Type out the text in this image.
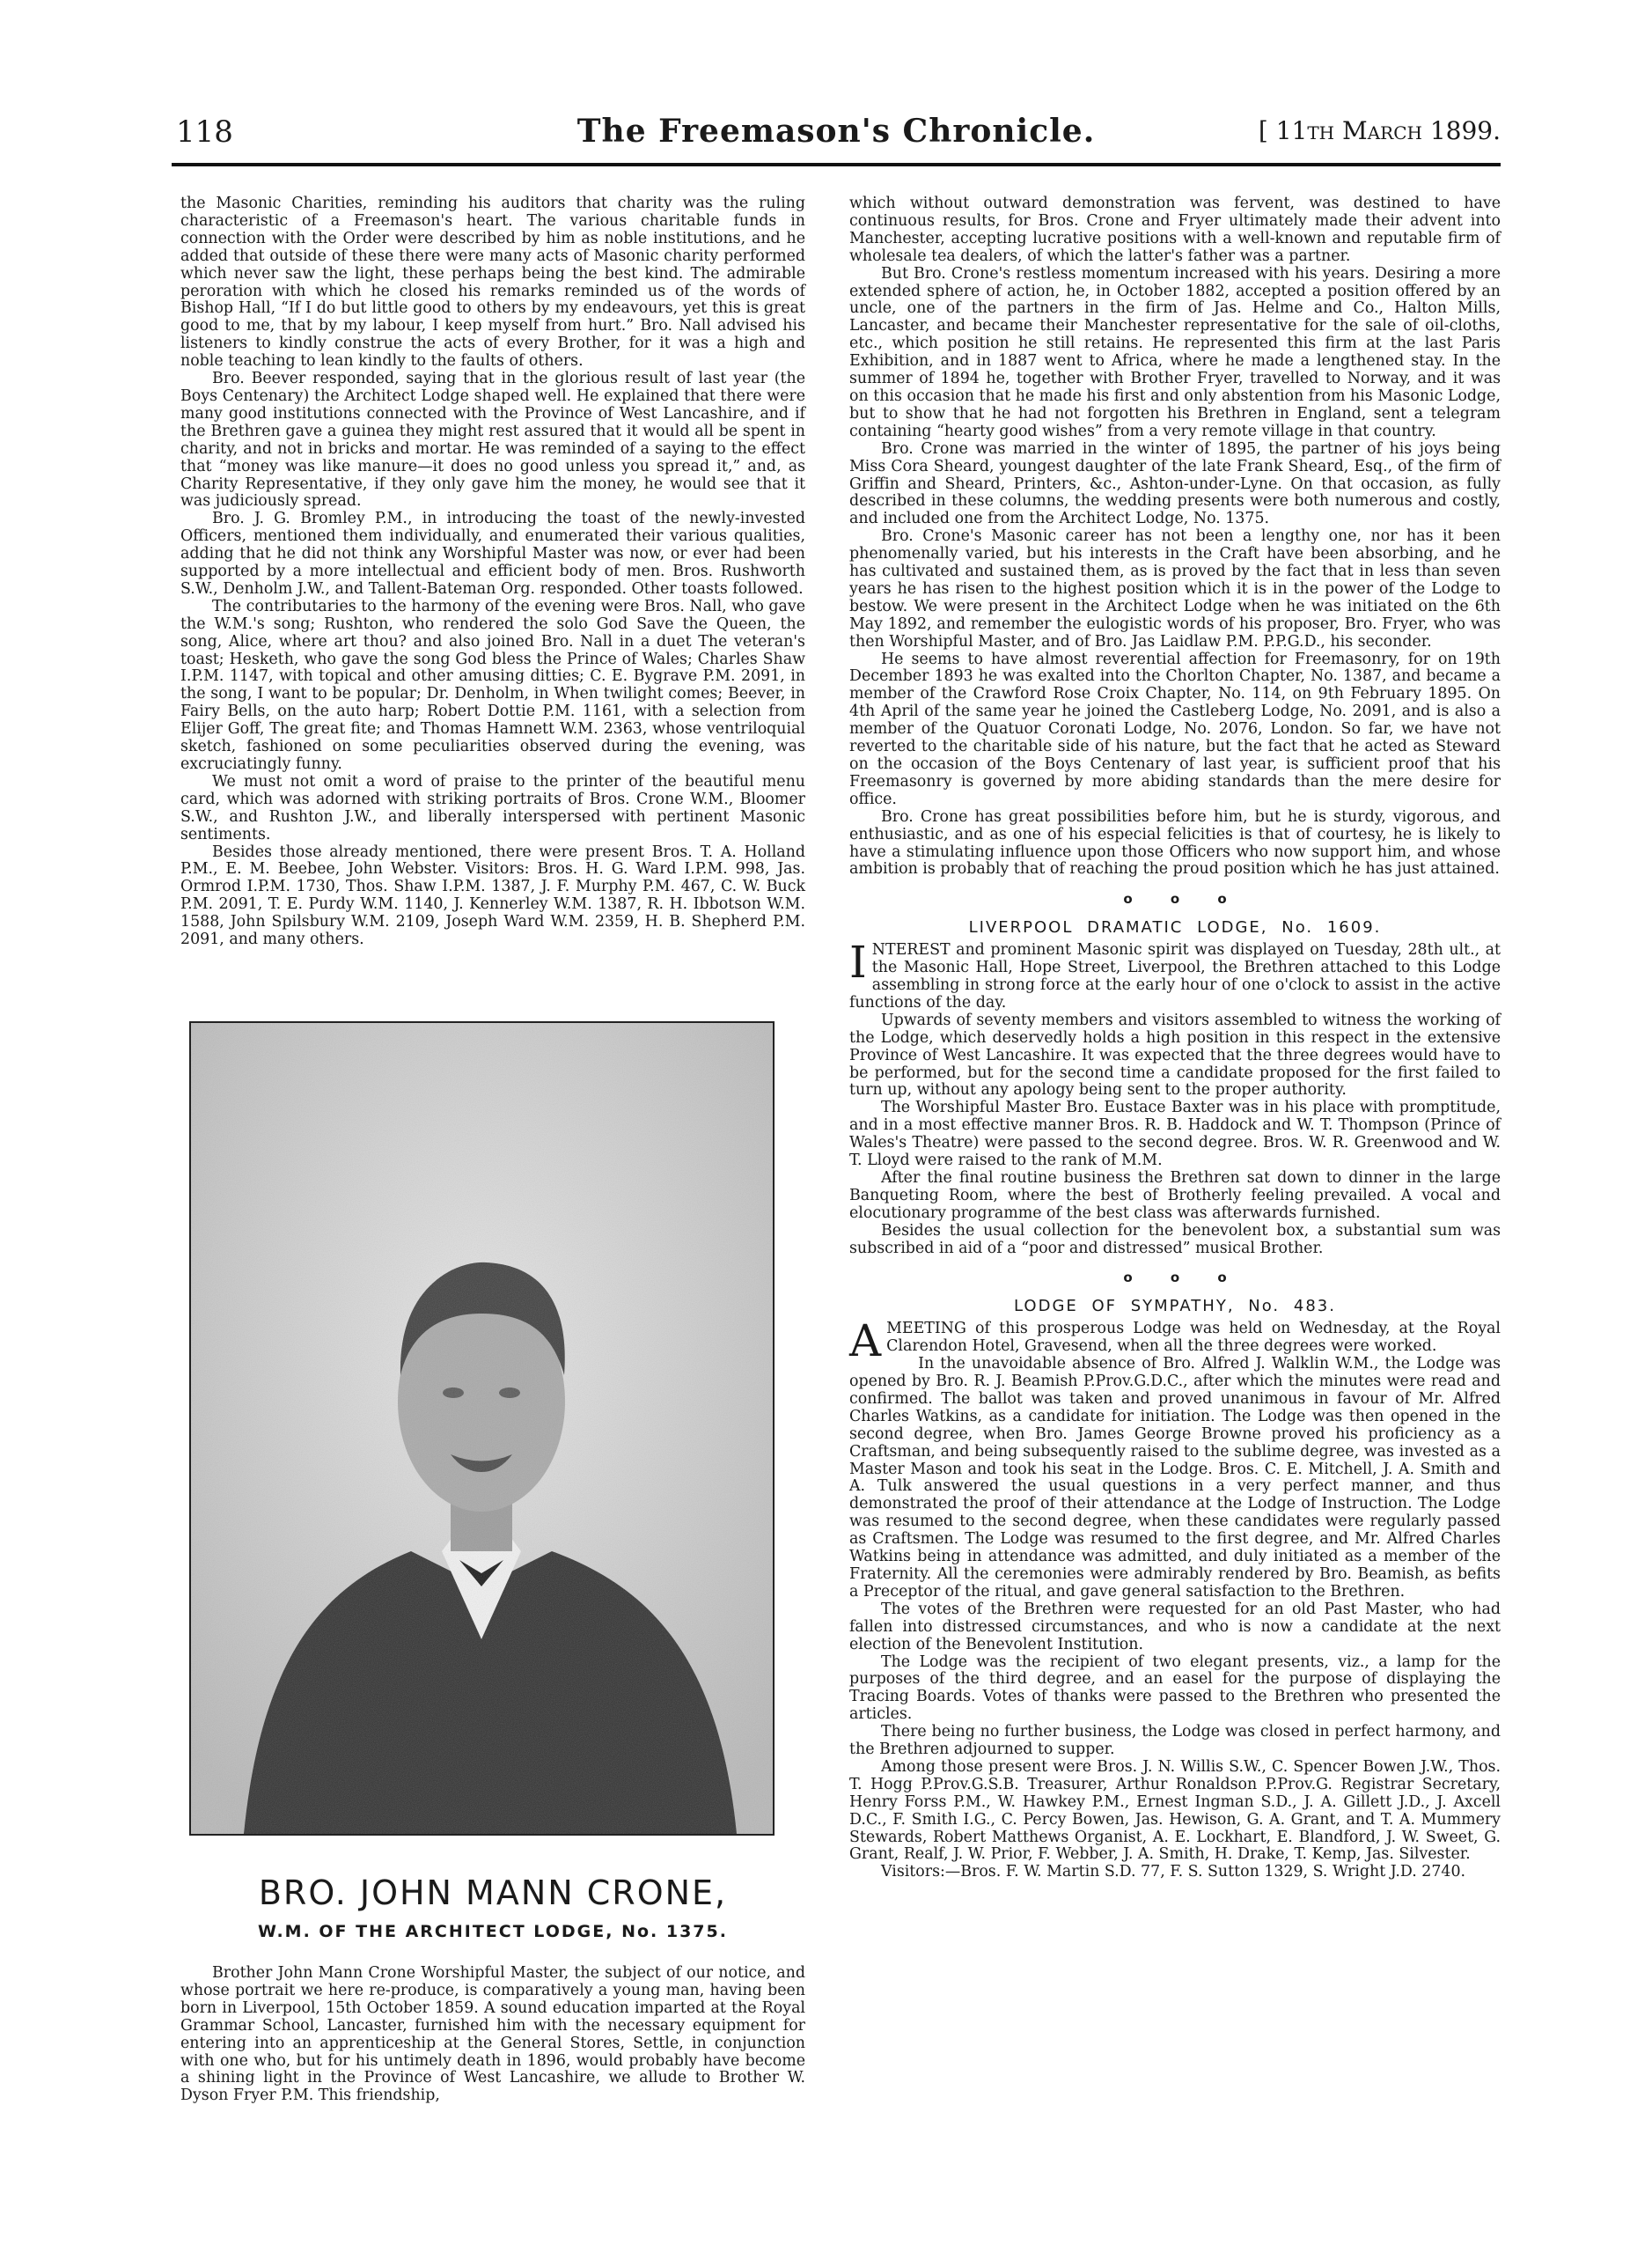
118	The Freemason's Chronicle.	[ 11th March 1899.

the Masonic Charities, reminding his auditors that charity was the ruling characteristic of a Freemason's heart. The various charitable funds in connection with the Order were described by him as noble institutions, and he added that outside of these there were many acts of Masonic charity performed which never saw the light, these perhaps being the best kind. The admirable peroration with which he closed his remarks reminded us of the words of Bishop Hall, “If I do but little good to others by my endeavours, yet this is great good to me, that by my labour, I keep myself from hurt.” Bro. Nall advised his listeners to kindly construe the acts of every Brother, for it was a high and noble teaching to lean kindly to the faults of others.

Bro. Beever responded, saying that in the glorious result of last year (the Boys Centenary) the Architect Lodge shaped well. He explained that there were many good institutions connected with the Province of West Lancashire, and if the Brethren gave a guinea they might rest assured that it would all be spent in charity, and not in bricks and mortar. He was reminded of a saying to the effect that “money was like manure—it does no good unless you spread it,” and, as Charity Representative, if they only gave him the money, he would see that it was judiciously spread.

Bro. J. G. Bromley P.M., in introducing the toast of the newly-invested Officers, mentioned them individually, and enumerated their various qualities, adding that he did not think any Worshipful Master was now, or ever had been supported by a more intellectual and efficient body of men. Bros. Rushworth S.W., Denholm J.W., and Tallent-Bateman Org. responded. Other toasts followed.

The contributaries to the harmony of the evening were Bros. Nall, who gave the W.M.'s song; Rushton, who rendered the solo God Save the Queen, the song, Alice, where art thou? and also joined Bro. Nall in a duet The veteran's toast; Hesketh, who gave the song God bless the Prince of Wales; Charles Shaw I.P.M. 1147, with topical and other amusing ditties; C. E. Bygrave P.M. 2091, in the song, I want to be popular; Dr. Denholm, in When twilight comes; Beever, in Fairy Bells, on the auto harp; Robert Dottie P.M. 1161, with a selection from Elijer Goff, The great fite; and Thomas Hamnett W.M. 2363, whose ventriloquial sketch, fashioned on some peculiarities observed during the evening, was excruciatingly funny.

We must not omit a word of praise to the printer of the beautiful menu card, which was adorned with striking portraits of Bros. Crone W.M., Bloomer S.W., and Rushton J.W., and liberally interspersed with pertinent Masonic sentiments.

Besides those already mentioned, there were present Bros. T. A. Holland P.M., E. M. Beebee, John Webster. Visitors: Bros. H. G. Ward I.P.M. 998, Jas. Ormrod I.P.M. 1730, Thos. Shaw I.P.M. 1387, J. F. Murphy P.M. 467, C. W. Buck P.M. 2091, T. E. Purdy W.M. 1140, J. Kennerley W.M. 1387, R. H. Ibbotson W.M. 1588, John Spilsbury W.M. 2109, Joseph Ward W.M. 2359, H. B. Shepherd P.M. 2091, and many others.

BRO. JOHN MANN CRONE,
W.M. OF THE ARCHITECT LODGE, No. 1375.

Brother John Mann Crone Worshipful Master, the subject of our notice, and whose portrait we here re-produce, is comparatively a young man, having been born in Liverpool, 15th October 1859. A sound education imparted at the Royal Grammar School, Lancaster, furnished him with the necessary equipment for entering into an apprenticeship at the General Stores, Settle, in conjunction with one who, but for his untimely death in 1896, would probably have become a shining light in the Province of West Lancashire, we allude to Brother W. Dyson Fryer P.M. This friendship,

which without outward demonstration was fervent, was destined to have continuous results, for Bros. Crone and Fryer ultimately made their advent into Manchester, accepting lucrative positions with a well-known and reputable firm of wholesale tea dealers, of which the latter's father was a partner.

But Bro. Crone's restless momentum increased with his years. Desiring a more extended sphere of action, he, in October 1882, accepted a position offered by an uncle, one of the partners in the firm of Jas. Helme and Co., Halton Mills, Lancaster, and became their Manchester representative for the sale of oil-cloths, etc., which position he still retains. He represented this firm at the last Paris Exhibition, and in 1887 went to Africa, where he made a lengthened stay. In the summer of 1894 he, together with Brother Fryer, travelled to Norway, and it was on this occasion that he made his first and only abstention from his Masonic Lodge, but to show that he had not forgotten his Brethren in England, sent a telegram containing “hearty good wishes” from a very remote village in that country.

Bro. Crone was married in the winter of 1895, the partner of his joys being Miss Cora Sheard, youngest daughter of the late Frank Sheard, Esq., of the firm of Griffin and Sheard, Printers, &c., Ashton-under-Lyne. On that occasion, as fully described in these columns, the wedding presents were both numerous and costly, and included one from the Architect Lodge, No. 1375.

Bro. Crone's Masonic career has not been a lengthy one, nor has it been phenomenally varied, but his interests in the Craft have been absorbing, and he has cultivated and sustained them, as is proved by the fact that in less than seven years he has risen to the highest position which it is in the power of the Lodge to bestow. We were present in the Architect Lodge when he was initiated on the 6th May 1892, and remember the eulogistic words of his proposer, Bro. Fryer, who was then Worshipful Master, and of Bro. Jas Laidlaw P.M. P.P.G.D., his seconder.

He seems to have almost reverential affection for Freemasonry, for on 19th December 1893 he was exalted into the Chorlton Chapter, No. 1387, and became a member of the Crawford Rose Croix Chapter, No. 114, on 9th February 1895. On 4th April of the same year he joined the Castleberg Lodge, No. 2091, and is also a member of the Quatuor Coronati Lodge, No. 2076, London. So far, we have not reverted to the charitable side of his nature, but the fact that he acted as Steward on the occasion of the Boys Centenary of last year, is sufficient proof that his Freemasonry is governed by more abiding standards than the mere desire for office.

Bro. Crone has great possibilities before him, but he is sturdy, vigorous, and enthusiastic, and as one of his especial felicities is that of courtesy, he is likely to have a stimulating influence upon those Officers who now support him, and whose ambition is probably that of reaching the proud position which he has just attained.

o o o
LIVERPOOL DRAMATIC LODGE, No. 1609.

INTEREST and prominent Masonic spirit was displayed on Tuesday, 28th ult., at the Masonic Hall, Hope Street, Liverpool, the Brethren attached to this Lodge assembling in strong force at the early hour of one o'clock to assist in the active functions of the day.

Upwards of seventy members and visitors assembled to witness the working of the Lodge, which deservedly holds a high position in this respect in the extensive Province of West Lancashire. It was expected that the three degrees would have to be performed, but for the second time a candidate proposed for the first failed to turn up, without any apology being sent to the proper authority.

The Worshipful Master Bro. Eustace Baxter was in his place with promptitude, and in a most effective manner Bros. R. B. Haddock and W. T. Thompson (Prince of Wales's Theatre) were passed to the second degree. Bros. W. R. Greenwood and W. T. Lloyd were raised to the rank of M.M.

After the final routine business the Brethren sat down to dinner in the large Banqueting Room, where the best of Brotherly feeling prevailed. A vocal and elocutionary programme of the best class was afterwards furnished.

Besides the usual collection for the benevolent box, a substantial sum was subscribed in aid of a “poor and distressed” musical Brother.

o o o
LODGE OF SYMPATHY, No. 483.

AMEETING of this prosperous Lodge was held on Wednesday, at the Royal Clarendon Hotel, Gravesend, when all the three degrees were worked.

In the unavoidable absence of Bro. Alfred J. Walklin W.M., the Lodge was opened by Bro. R. J. Beamish P.Prov.G.D.C., after which the minutes were read and confirmed. The ballot was taken and proved unanimous in favour of Mr. Alfred Charles Watkins, as a candidate for initiation. The Lodge was then opened in the second degree, when Bro. James George Browne proved his proficiency as a Craftsman, and being subsequently raised to the sublime degree, was invested as a Master Mason and took his seat in the Lodge. Bros. C. E. Mitchell, J. A. Smith and A. Tulk answered the usual questions in a very perfect manner, and thus demonstrated the proof of their attendance at the Lodge of Instruction. The Lodge was resumed to the second degree, when these candidates were regularly passed as Craftsmen. The Lodge was resumed to the first degree, and Mr. Alfred Charles Watkins being in attendance was admitted, and duly initiated as a member of the Fraternity. All the ceremonies were admirably rendered by Bro. Beamish, as befits a Preceptor of the ritual, and gave general satisfaction to the Brethren.

The votes of the Brethren were requested for an old Past Master, who had fallen into distressed circumstances, and who is now a candidate at the next election of the Benevolent Institution.

The Lodge was the recipient of two elegant presents, viz., a lamp for the purposes of the third degree, and an easel for the purpose of displaying the Tracing Boards. Votes of thanks were passed to the Brethren who presented the articles.

There being no further business, the Lodge was closed in perfect harmony, and the Brethren adjourned to supper.

Among those present were Bros. J. N. Willis S.W., C. Spencer Bowen J.W., Thos. T. Hogg P.Prov.G.S.B. Treasurer, Arthur Ronaldson P.Prov.G. Registrar Secretary, Henry Forss P.M., W. Hawkey P.M., Ernest Ingman S.D., J. A. Gillett J.D., J. Axcell D.C., F. Smith I.G., C. Percy Bowen, Jas. Hewison, G. A. Grant, and T. A. Mummery Stewards, Robert Matthews Organist, A. E. Lockhart, E. Blandford, J. W. Sweet, G. Grant, Realf, J. W. Prior, F. Webber, J. A. Smith, H. Drake, T. Kemp, Jas. Silvester.

Visitors:—Bros. F. W. Martin S.D. 77, F. S. Sutton 1329, S. Wright J.D. 2740.
